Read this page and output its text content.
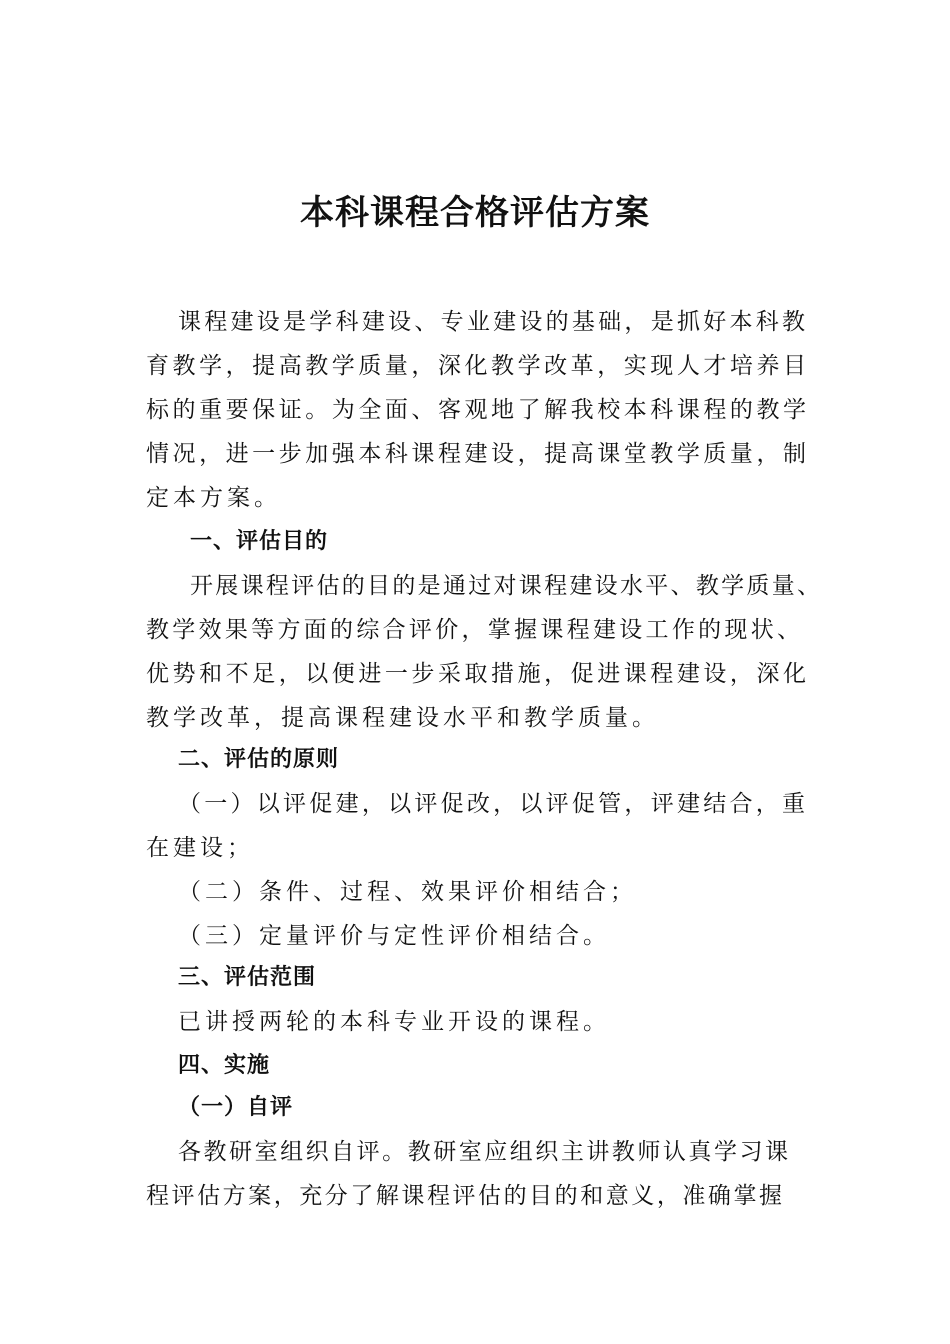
本科课程合格评估方案
课程建设是学科建设、专业建设的基础，是抓好本科教
育教学，提高教学质量，深化教学改革，实现人才培养目
标的重要保证。为全面、客观地了解我校本科课程的教学
情况，进一步加强本科课程建设，提高课堂教学质量，制
定本方案。
一、评估目的
开展课程评估的目的是通过对课程建设水平、教学质量、
教学效果等方面的综合评价，掌握课程建设工作的现状、
优势和不足，以便进一步采取措施，促进课程建设，深化
教学改革，提高课程建设水平和教学质量。
二、评估的原则
（一）以评促建，以评促改，以评促管，评建结合，重
在建设；
（二）条件、过程、效果评价相结合；
（三）定量评价与定性评价相结合。
三、评估范围
已讲授两轮的本科专业开设的课程。
四、实施
（一）自评
各教研室组织自评。教研室应组织主讲教师认真学习课
程评估方案，充分了解课程评估的目的和意义，准确掌握
